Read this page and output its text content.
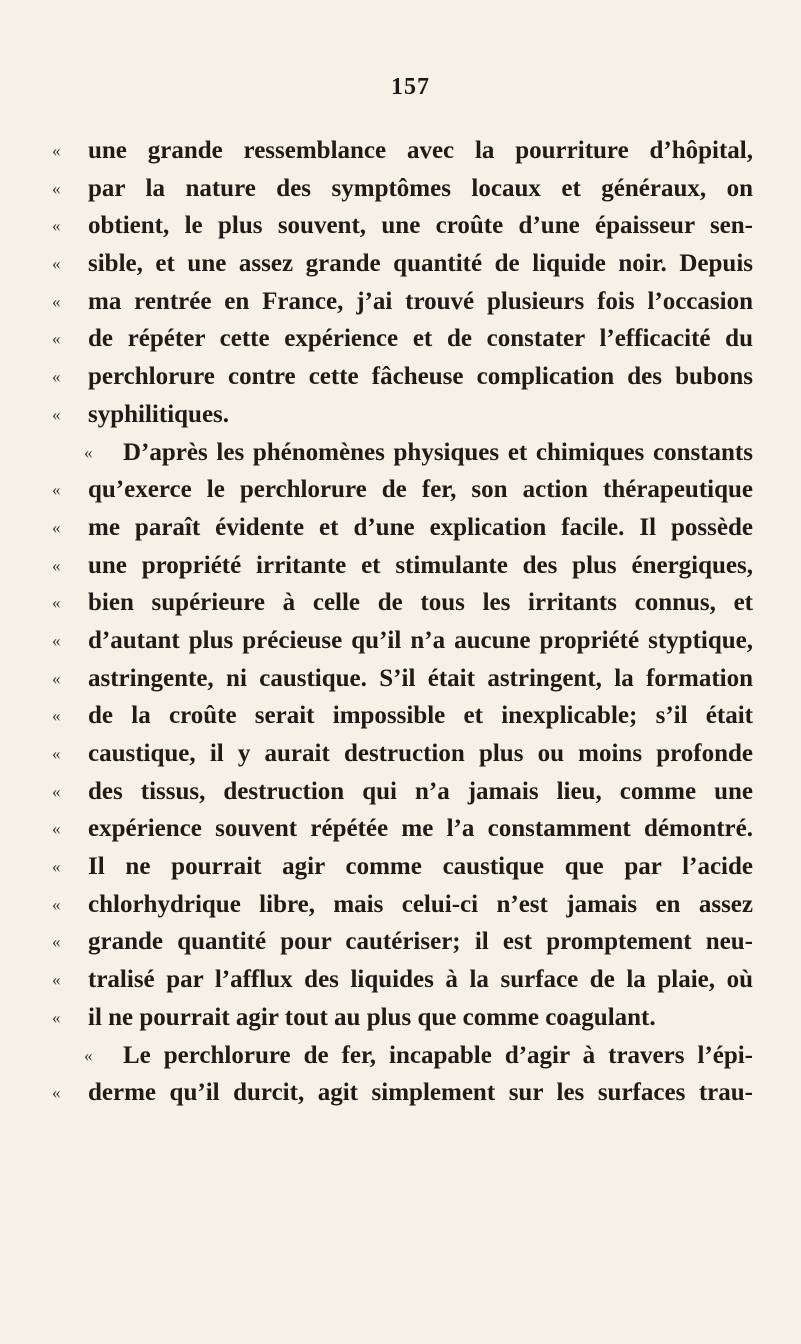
157
« une grande ressemblance avec la pourriture d’hôpital,
« par la nature des symptômes locaux et généraux, on
« obtient, le plus souvent, une croûte d’une épaisseur sen-
« sible, et une assez grande quantité de liquide noir. Depuis
« ma rentrée en France, j’ai trouvé plusieurs fois l’occasion
« de répéter cette expérience et de constater l’efficacité du
« perchlorure contre cette fâcheuse complication des bubons
« syphilitiques.
« D’après les phénomènes physiques et chimiques constants
« qu’exerce le perchlorure de fer, son action thérapeutique
« me paraît évidente et d’une explication facile. Il possède
« une propriété irritante et stimulante des plus énergiques,
« bien supérieure à celle de tous les irritants connus, et
« d’autant plus précieuse qu’il n’a aucune propriété styptique,
« astringente, ni caustique. S’il était astringent, la formation
« de la croûte serait impossible et inexplicable; s’il était
« caustique, il y aurait destruction plus ou moins profonde
« des tissus, destruction qui n’a jamais lieu, comme une
« expérience souvent répétée me l’a constamment démontré.
« Il ne pourrait agir comme caustique que par l’acide
« chlorhydrique libre, mais celui-ci n’est jamais en assez
« grande quantité pour cautériser; il est promptement neu-
« tralisé par l’afflux des liquides à la surface de la plaie, où
« il ne pourrait agir tout au plus que comme coagulant.
« Le perchlorure de fer, incapable d’agir à travers l’épi-
« derme qu’il durcit, agit simplement sur les surfaces trau-
